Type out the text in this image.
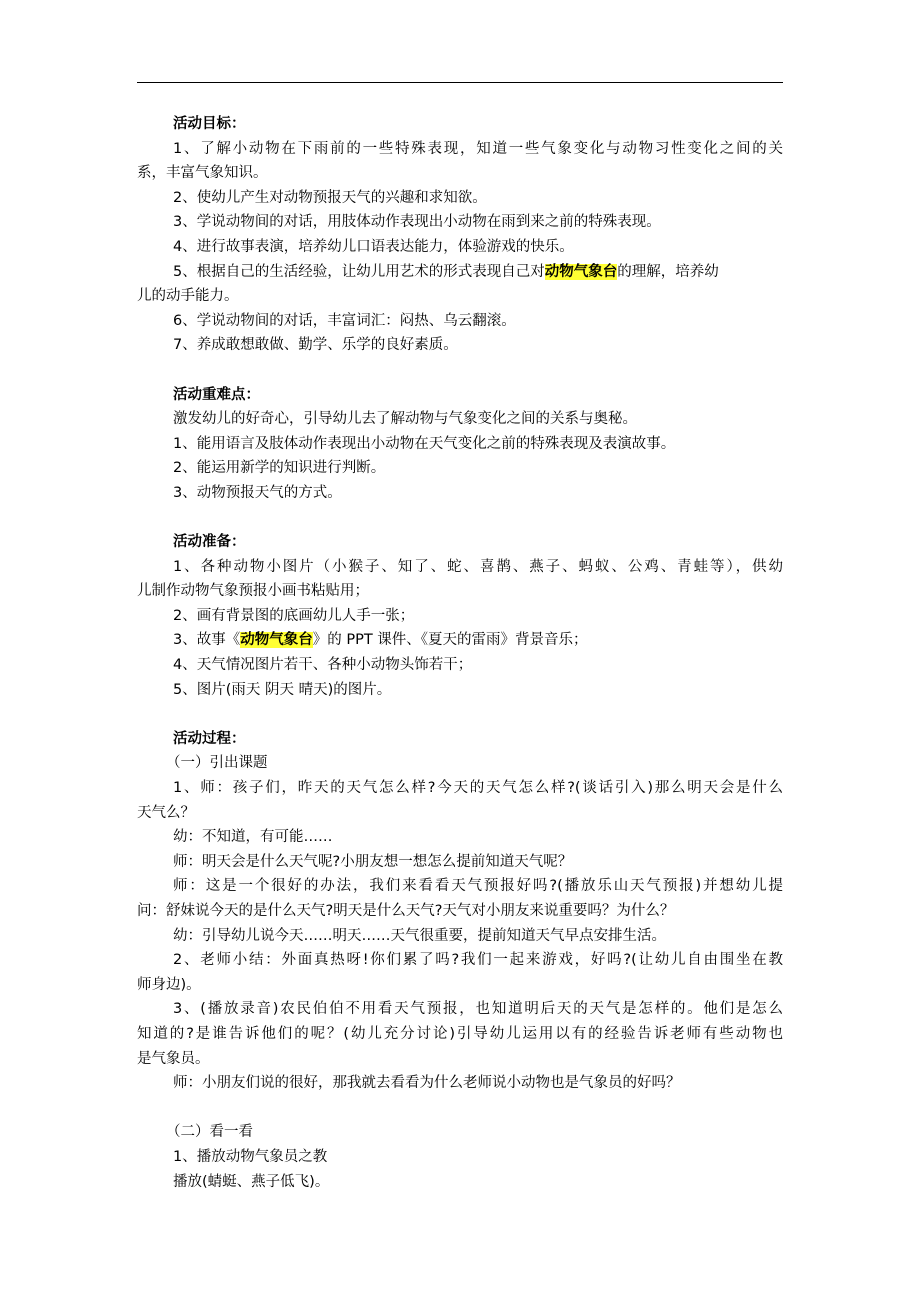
活动目标：
1、了解小动物在下雨前的一些特殊表现，知道一些气象变化与动物习性变化之间的关
系，丰富气象知识。
2、使幼儿产生对动物预报天气的兴趣和求知欲。
3、学说动物间的对话，用肢体动作表现出小动物在雨到来之前的特殊表现。
4、进行故事表演，培养幼儿口语表达能力，体验游戏的快乐。
5、根据自己的生活经验，让幼儿用艺术的形式表现自己对动物气象台的理解，培养幼
儿的动手能力。
6、学说动物间的对话，丰富词汇：闷热、乌云翻滚。
7、养成敢想敢做、勤学、乐学的良好素质。
活动重难点：
激发幼儿的好奇心，引导幼儿去了解动物与气象变化之间的关系与奥秘。
1、能用语言及肢体动作表现出小动物在天气变化之前的特殊表现及表演故事。
2、能运用新学的知识进行判断。
3、动物预报天气的方式。
活动准备：
1、各种动物小图片（小猴子、知了、蛇、喜鹊、燕子、蚂蚁、公鸡、青蛙等），供幼
儿制作动物气象预报小画书粘贴用；
2、画有背景图的底画幼儿人手一张；
3、故事《动物气象台》的 PPT 课件、《夏天的雷雨》背景音乐；
4、天气情况图片若干、各种小动物头饰若干；
5、图片(雨天 阴天 晴天)的图片。
活动过程：
（一）引出课题
1、师：孩子们，昨天的天气怎么样?今天的天气怎么样?(谈话引入)那么明天会是什么
天气么？
幼：不知道，有可能……
师：明天会是什么天气呢?小朋友想一想怎么提前知道天气呢？
师：这是一个很好的办法，我们来看看天气预报好吗?(播放乐山天气预报)并想幼儿提
问：舒妹说今天的是什么天气?明天是什么天气?天气对小朋友来说重要吗？为什么？
幼：引导幼儿说今天……明天……天气很重要，提前知道天气早点安排生活。
2、老师小结：外面真热呀!你们累了吗?我们一起来游戏，好吗?(让幼儿自由围坐在教
师身边)。
3、(播放录音)农民伯伯不用看天气预报，也知道明后天的天气是怎样的。他们是怎么
知道的?是谁告诉他们的呢？(幼儿充分讨论)引导幼儿运用以有的经验告诉老师有些动物也
是气象员。
师：小朋友们说的很好，那我就去看看为什么老师说小动物也是气象员的好吗？
（二）看一看
1、播放动物气象员之教
播放(蜻蜓、燕子低飞)。
